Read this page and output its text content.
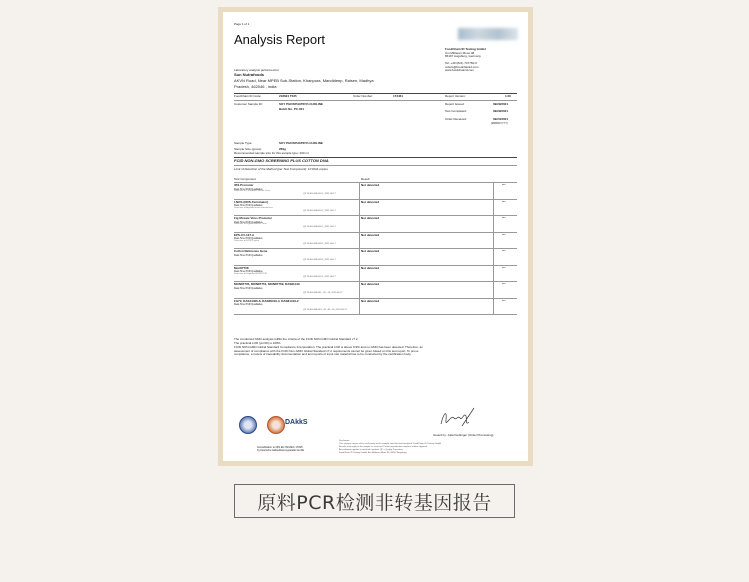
Page 1 of 1
Analysis Report
FoodChain ID Testing GmbH
Am Mittleren Moos 48
86167 Augsburg, Germany
Tel: +49 (821) 747760-0
orders@foodchainid.com
www.foodchainid.com
Laboratory analysis performed for
Sun Nutrafoods
AKVN Road, Near MPEB Sub-Station, Khanpura, Mandideep, Raisen, Madhya
Pradesh, 462046 , India
FoodChain ID Code:	218624 T035	Order Number:	173461	Report Version:	1.00
Customer Sample ID:	SOY PHOSPHATIDYLCHOLINE
Batch No. PC-001
Report Issued:	09/29/2021
Test Completed:	09/29/2021
Order Received:	09/24/2021
(MM/DD/YYYY)
Sample Type:	SOY PHOSPHATIDYLCHOLINE
Sample Size (gross):	269g
Recommended sample size for this sample type: 200 ml
FCID NON-GMO SCREENING PLUS COTTON DNA
Limit of Detection of the Method (per Test Component): 10 DNA copies
Test Component	Result
35S Promoter
Real-Time PCR Qualitative
Detection of Cauliflower Mosaic Virus
QP 26 EU-GM-004.1_2021-06-17
Not detected	***
t-NOS (NOS-Terminator)
Real-Time PCR Qualitative
Detection of Agrobacterium tumefaciens
QP 26 EU-GM-004.1_2021-06-17
Not detected	***
Fig Mosaic Virus Promoter
Real-Time PCR Qualitative
Detection of Figwort Mosaic Virus
QP 26 EU-GM-006.1_2021-06-17
Not detected	***
EPS-CV-127-A
Real-Time PCR Qualitative
Detection of EPSPS gene
QP 26 EU-GM-008.1_2021-06-17
Not detected	***
Cotton Reference Gene
Real-Time PCR Qualitative
QP 26 EU-GM-009.1_2021-06-17
Not detected	***
Mon87708
Real-Time PCR Qualitative
Detection of Soybean MON87708
QP 26 EU-GM-010.1_2021-06-17
Not detected	***
MON87705, MON87751, MON87769, DAS81419
Real-Time PCR Qualitative
QP 26 EU-GM-041, -42, -16_2021-06-17
Not detected	***
FG72, DAS44406-6, DAS68416-4, DAS81419-2
Real-Time PCR Qualitative
QP 26 EU-GM-043, -44, -45, -46_2021-06-17
Not detected	***
The conducted GMO analysis fulfills the criteria of the FCID NON-GMO Global Standard v7.2.
The practical LOD (pLOD) is 100%.
FCID NON-GMO Global Standard Compliance Interpretation: The practical LOD is above 0.9% and no GMO has been detected. Therefore, an
assessment of compliance with the FCID Non-GMO Global Standard v7.2 requirements cannot be given based on this test report. To prove
compliance, a review of traceability documentation and test reports of input raw material has to be conducted by the certification body.
DAkkS
Accreditation to DIN EN ISO/IEC 17025
by Deutsche Akkreditierungsstelle GmbH
Issued by: Julia Kiebinger (Order Processing)
Disclaimer:
This analysis report refers exclusively to the sample specified and analyzed. FoodChain ID Testing GmbH
Results only apply to the sample as received. Partial reproduction requires written approval.
Accreditation applies to methods marked. QP = Quality Procedure.
FoodChain ID Testing GmbH, Am Mittleren Moos 48, 86167 Augsburg
原料PCR检测非转基因报告
